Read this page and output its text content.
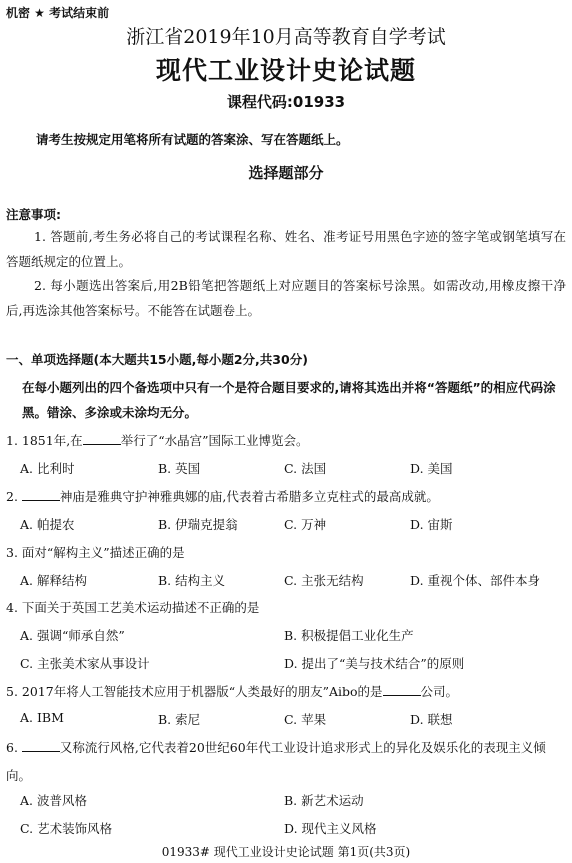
机密 ★ 考试结束前
浙江省2019年10月高等教育自学考试
现代工业设计史论试题
课程代码:01933
请考生按规定用笔将所有试题的答案涂、写在答题纸上。
选择题部分
注意事项:
1. 答题前,考生务必将自己的考试课程名称、姓名、准考证号用黑色字迹的签字笔或钢笔填写在答题纸规定的位置上。
2. 每小题选出答案后,用2B铅笔把答题纸上对应题目的答案标号涂黑。如需改动,用橡皮擦干净后,再选涂其他答案标号。不能答在试题卷上。
一、单项选择题(本大题共15小题,每小题2分,共30分)
在每小题列出的四个备选项中只有一个是符合题目要求的,请将其选出并将“答题纸”的相应代码涂黑。错涂、多涂或未涂均无分。
1. 1851年,在	举行了“水晶宫”国际工业博览会。
A. 比利时	B. 英国	C. 法国	D. 美国
2.	神庙是雅典守护神雅典娜的庙,代表着古希腊多立克柱式的最高成就。
A. 帕提农	B. 伊瑞克提翁	C. 万神	D. 宙斯
3. 面对“解构主义”描述正确的是
A. 解释结构	B. 结构主义	C. 主张无结构	D. 重视个体、部件本身
4. 下面关于英国工艺美术运动描述不正确的是
A. 强调“师承自然”	B. 积极提倡工业化生产
C. 主张美术家从事设计	D. 提出了“美与技术结合”的原则
5. 2017年将人工智能技术应用于机器版“人类最好的朋友”Aibo的是	公司。
A. IBM	B. 索尼	C. 苹果	D. 联想
6.	又称流行风格,它代表着20世纪60年代工业设计追求形式上的异化及娱乐化的表现主义倾向。
A. 波普风格	B. 新艺术运动
C. 艺术装饰风格	D. 现代主义风格
01933# 现代工业设计史论试题 第1页(共3页)
